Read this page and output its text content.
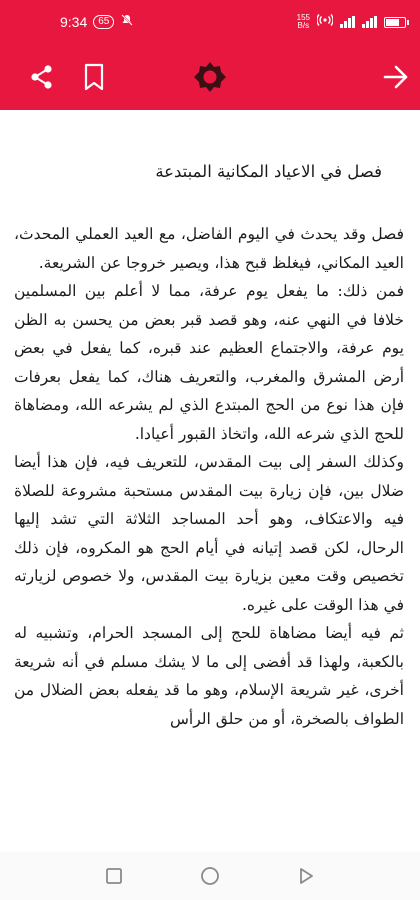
9:34	65	155
B/s
فصل في الاعياد المكانية المبتدعة

فصل وقد يحدث في اليوم الفاضل، مع العيد العملي المحدث، العيد المكاني، فيغلظ قبح هذا، ويصير خروجا عن الشريعة.

فمن ذلك: ما يفعل يوم عرفة، مما لا أعلم بين المسلمين خلافا في النهي عنه، وهو قصد قبر بعض من يحسن به الظن يوم عرفة، والاجتماع العظيم عند قبره، كما يفعل في بعض أرض المشرق والمغرب، والتعريف هناك، كما يفعل بعرفات فإن هذا نوع من الحج المبتدع الذي لم يشرعه الله، ومضاهاة للحج الذي شرعه الله، واتخاذ القبور أعيادا.

وكذلك السفر إلى بيت المقدس، للتعريف فيه، فإن هذا أيضا ضلال بين، فإن زيارة بيت المقدس مستحبة مشروعة للصلاة فيه والاعتكاف، وهو أحد المساجد الثلاثة التي تشد إليها الرحال، لكن قصد إتيانه في أيام الحج هو المكروه، فإن ذلك تخصيص وقت معين بزيارة بيت المقدس، ولا خصوص لزيارته في هذا الوقت على غيره.

ثم فيه أيضا مضاهاة للحج إلى المسجد الحرام، وتشبيه له بالكعبة، ولهذا قد أفضى إلى ما لا يشك مسلم في أنه شريعة أخرى، غير شريعة الإسلام، وهو ما قد يفعله بعض الضلال من الطواف بالصخرة، أو من حلق الرأس
